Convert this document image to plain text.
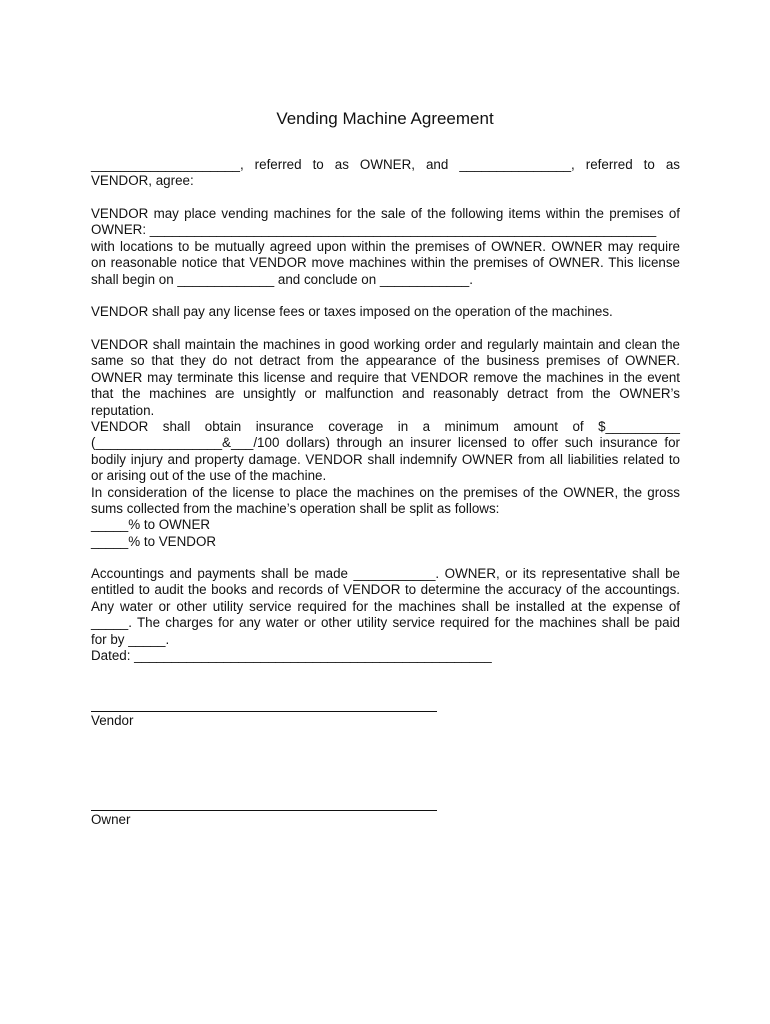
Vending Machine Agreement
____________________, referred to as OWNER, and _______________, referred to as
VENDOR, agree:
VENDOR may place vending machines for the sale of the following items within the premises of
OWNER: ____________________________________________________________________
with locations to be mutually agreed upon within the premises of OWNER. OWNER may require
on reasonable notice that VENDOR move machines within the premises of OWNER. This license
shall begin on _____________ and conclude on ____________.
VENDOR shall pay any license fees or taxes imposed on the operation of the machines.
VENDOR shall maintain the machines in good working order and regularly maintain and clean the
same so that they do not detract from the appearance of the business premises of OWNER.
OWNER may terminate this license and require that VENDOR remove the machines in the event
that the machines are unsightly or malfunction and reasonably detract from the OWNER’s
reputation.
VENDOR shall obtain insurance coverage in a minimum amount of $__________
(_________________&___/100 dollars) through an insurer licensed to offer such insurance for
bodily injury and property damage. VENDOR shall indemnify OWNER from all liabilities related to
or arising out of the use of the machine.
In consideration of the license to place the machines on the premises of the OWNER, the gross
sums collected from the machine’s operation shall be split as follows:
_____% to OWNER
_____% to VENDOR
Accountings and payments shall be made ___________. OWNER, or its representative shall be
entitled to audit the books and records of VENDOR to determine the accuracy of the accountings.
Any water or other utility service required for the machines shall be installed at the expense of
_____. The charges for any water or other utility service required for the machines shall be paid
for by _____.
Dated: ________________________________________________
Vendor
Owner
